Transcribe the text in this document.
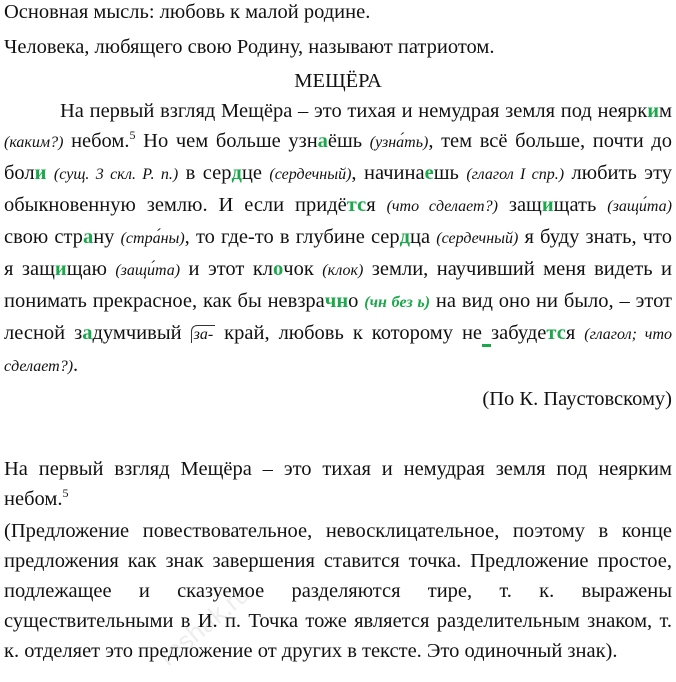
Основная мысль: любовь к малой родине.

Человека, любящего свою Родину, называют патриотом.

МЕЩЁРА

На первый взгляд Мещёра – это тихая и немудрая земля под неярким (каким?) небом.$^5$ Но чем больше узнаёшь (узна́ть), тем всё больше, почти до боли (сущ. 3 скл. Р. п.) в сердце (сердечный), начинаешь (глагол I спр.) любить эту обыкновенную землю. И если придётся (что сделает?) защищать (защи́та) свою страну (стра́ны), то где-то в глубине сердца (сердечный) я буду знать, что я защищаю (защи́та) и этот клочок (клок) земли, научивший меня видеть и понимать прекрасное, как бы невзрачно (чн без ь) на вид оно ни было, – этот лесной задумчивый за- край, любовь к которому не забудется (глагол; что сделает?).

(По К. Паустовскому)

На первый взгляд Мещёра – это тихая и немудрая земля под неярким небом.$^5$

(Предложение повествовательное, невосклицательное, поэтому в конце предложения как знак завершения ставится точка. Предложение простое, подлежащее и сказуемое разделяются тире, т. к. выражены существительными в И. п. Точка тоже является разделительным знаком, т. к. отделяет это предложение от других в тексте. Это одиночный знак).

reshak.ru
